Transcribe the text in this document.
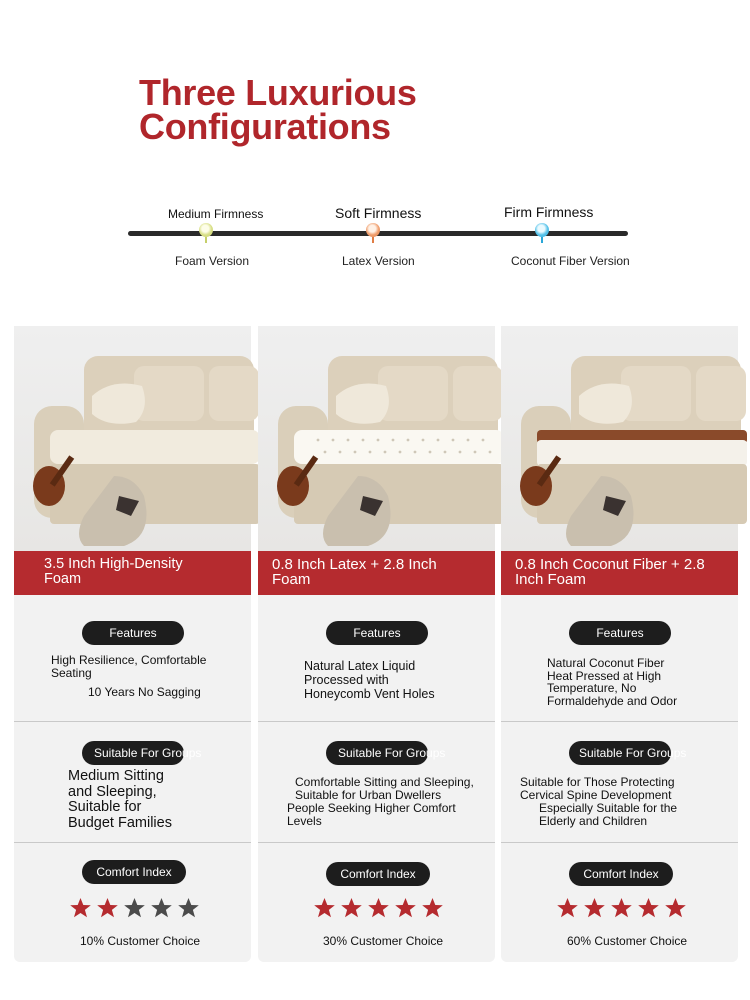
Three Luxurious
Configurations
Medium Firmness	Soft Firmness	Firm Firmness
Foam Version	Latex Version	Coconut Fiber Version
3.5 Inch High-Density
Foam
Features
High Resilience, Comfortable
Seating
10 Years No Sagging
Suitable For Groups
Medium Sitting
and Sleeping,
Suitable for
Budget Families
Comfort Index
10% Customer Choice
0.8 Inch Latex + 2.8 Inch
Foam
Features
Natural Latex Liquid
Processed with
Honeycomb Vent Holes
Suitable For Groups
Comfortable Sitting and Sleeping,
Suitable for Urban Dwellers
People Seeking Higher Comfort
Levels
Comfort Index
30% Customer Choice
0.8 Inch Coconut Fiber + 2.8
Inch Foam
Features
Natural Coconut Fiber
Heat Pressed at High
Temperature, No
Formaldehyde and Odor
Suitable For Groups
Suitable for Those Protecting
Cervical Spine Development
Especially Suitable for the
Elderly and Children
Comfort Index
60% Customer Choice
